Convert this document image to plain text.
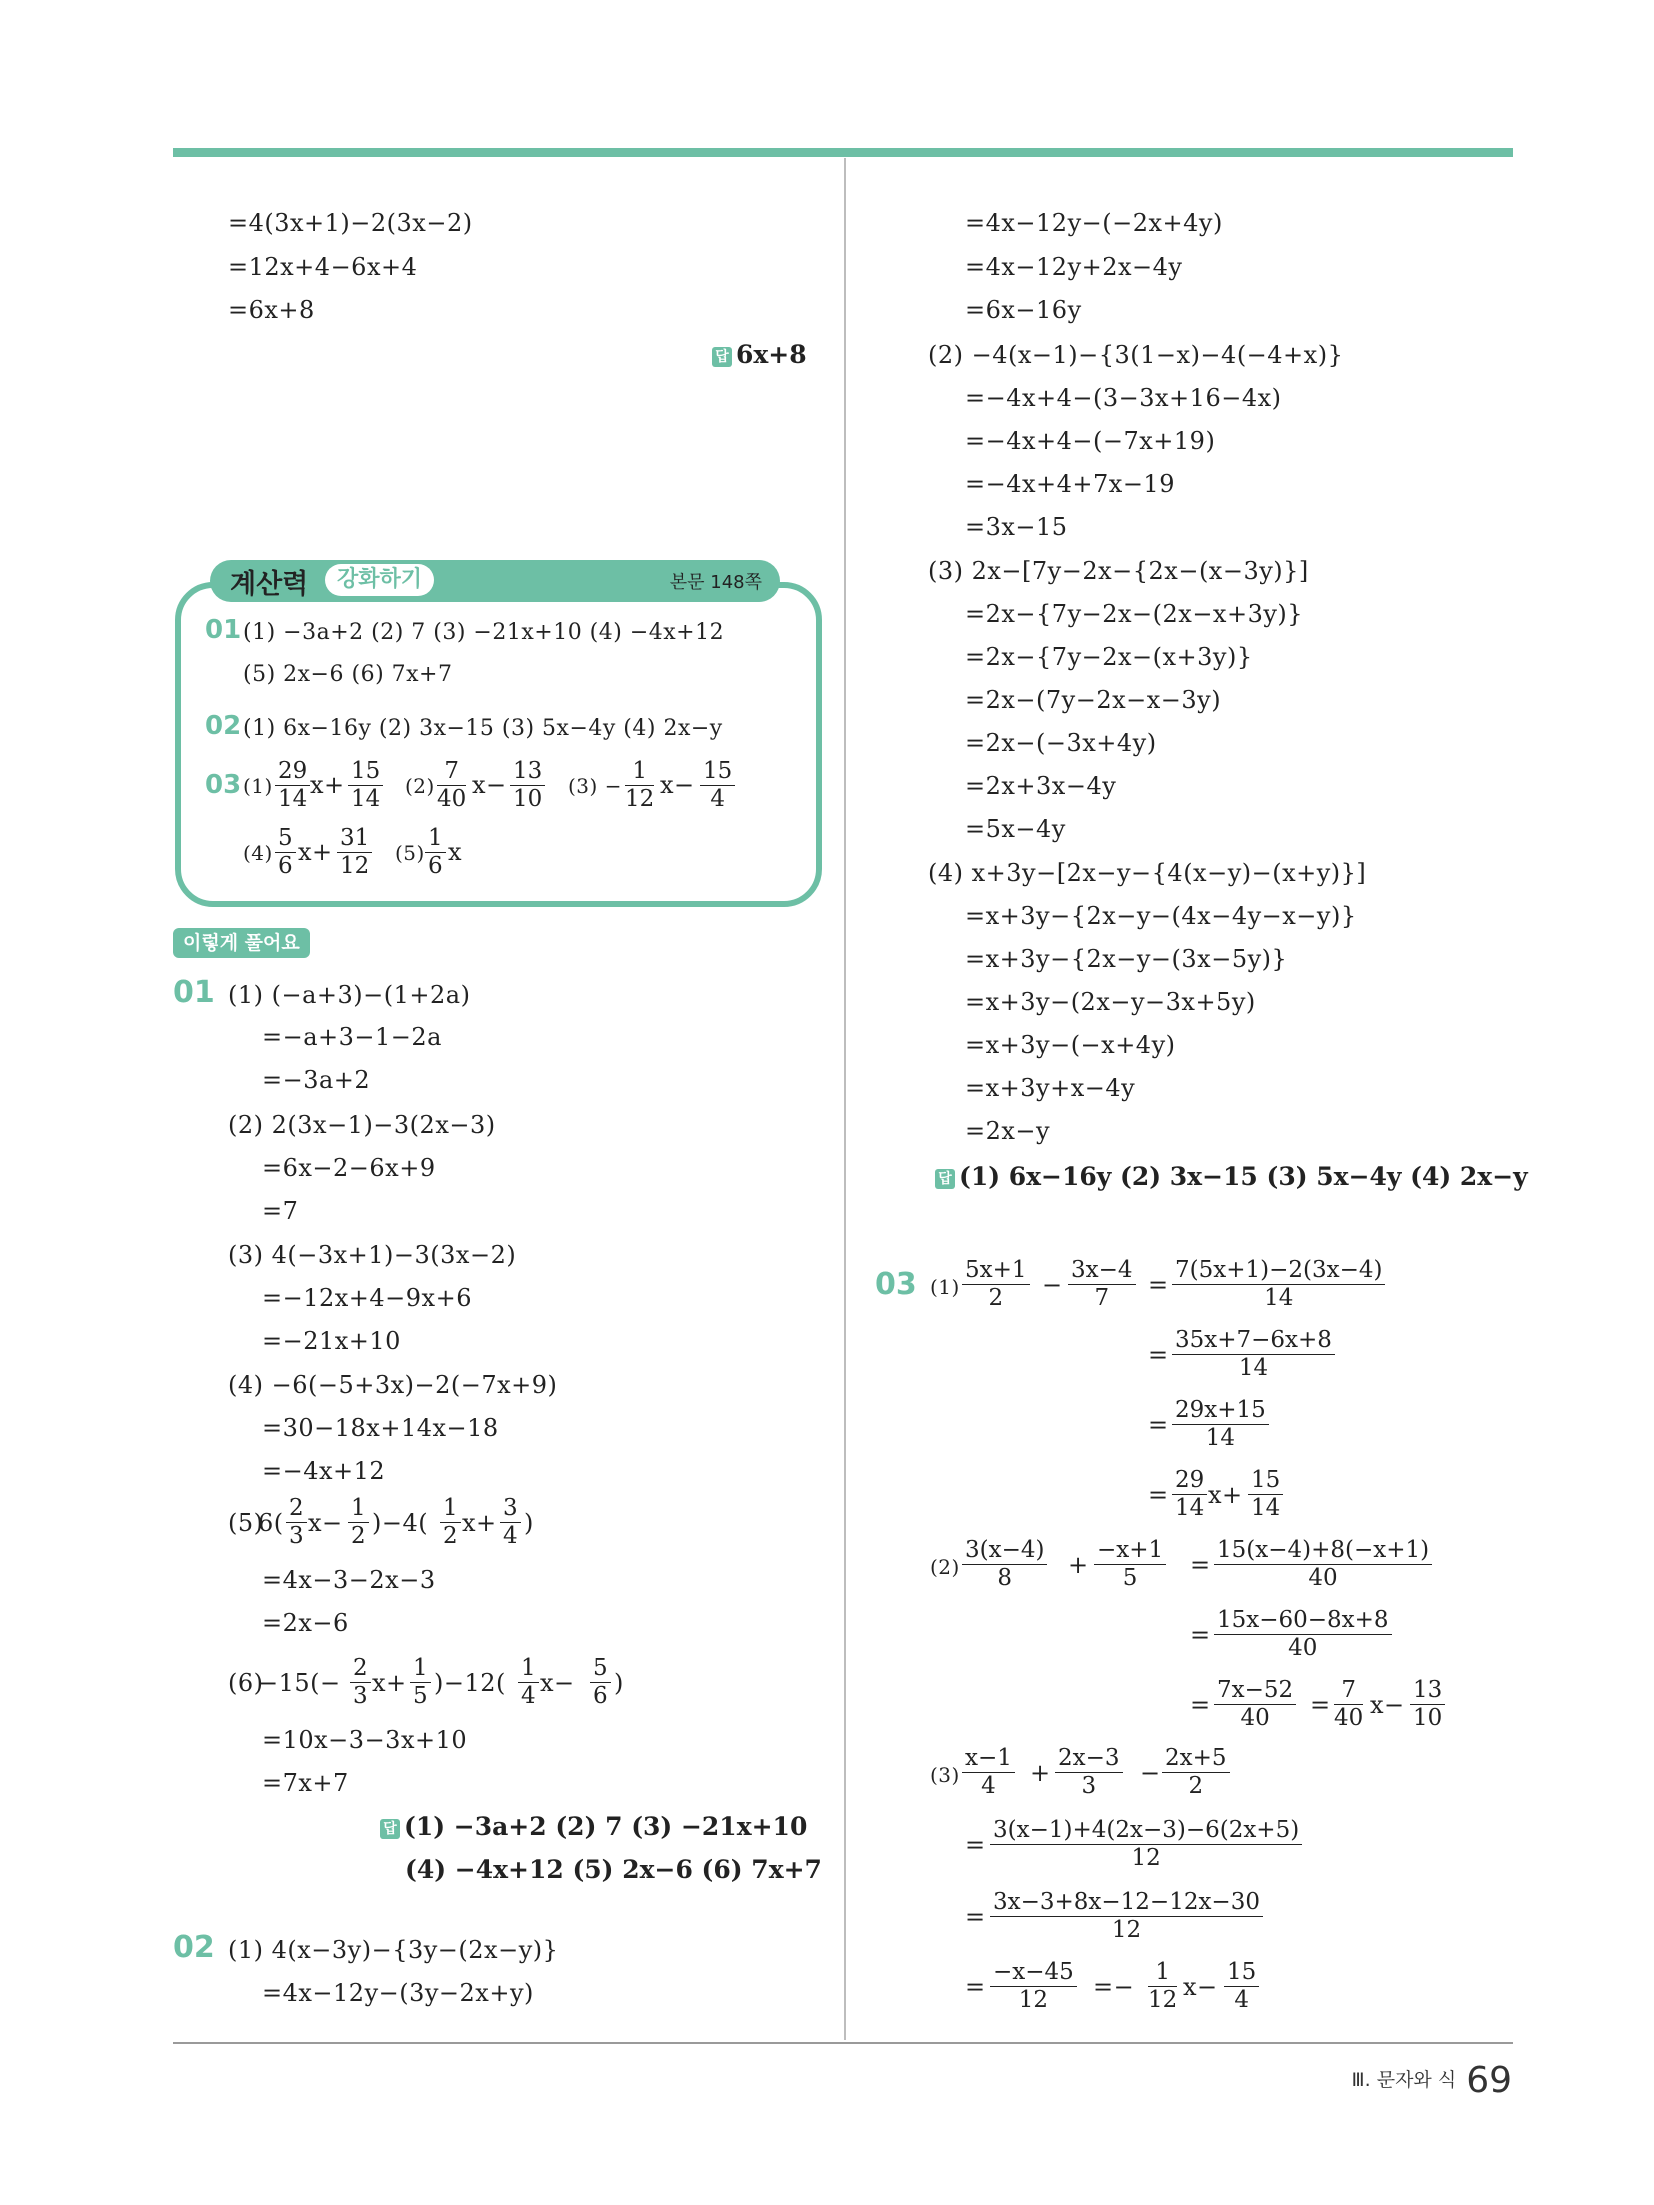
=4(3x+1)−2(3x−2)
=12x+4−6x+4
=6x+8
답 6x+8
계산력	강화하기	본문 148쪽
01 (1) −3a+2 (2) 7 (3) −21x+10 (4) −4x+12
(5) 2x−6 (6) 7x+7
02 (1) 6x−16y (2) 3x−15 (3) 5x−4y (4) 2x−y
03 $(1) \frac{29}{14} x+ \frac{15}{14} (2) \frac{7}{40} x- \frac{13}{10} (3) - \frac{1}{12} x- \frac{15}{4}$
$(4) \frac{5}{6} x+ \frac{31}{12} (5) \frac{1}{6}$ x
이렇게 풀어요
01 (1) (−a+3)−(1+2a)
=−a+3−1−2a
=−3a+2
(2) 2(3x−1)−3(2x−3)
=6x−2−6x+9
=7
(3) 4(−3x+1)−3(3x−2)
=−12x+4−9x+6
=−21x+10
(4) −6(−5+3x)−2(−7x+9)
=30−18x+14x−18
=−4x+12
(5)
$6( \frac{2}{3} x- \frac{1}{2} )-4( \frac{1}{2} x+ \frac{3}{4}$ )
=4x−3−2x−3
=2x−6
(6)
$-15(- \frac{2}{3} x+ \frac{1}{5} )-12( \frac{1}{4} x- \frac{5}{6}$ )
=10x−3−3x+10
=7x+7
답 (1) −3a+2 (2) 7 (3) −21x+10
(4) −4x+12 (5) 2x−6 (6) 7x+7
02 (1) 4(x−3y)−{3y−(2x−y)}
=4x−12y−(3y−2x+y)
=4x−12y−(−2x+4y)
=4x−12y+2x−4y
=6x−16y
(2) −4(x−1)−{3(1−x)−4(−4+x)}
=−4x+4−(3−3x+16−4x)
=−4x+4−(−7x+19)
=−4x+4+7x−19
=3x−15
(3) 2x−[7y−2x−{2x−(x−3y)}]
=2x−{7y−2x−(2x−x+3y)}
=2x−{7y−2x−(x+3y)}
=2x−(7y−2x−x−3y)
=2x−(−3x+4y)
=2x+3x−4y
=5x−4y
(4) x+3y−[2x−y−{4(x−y)−(x+y)}]
=x+3y−{2x−y−(4x−4y−x−y)}
=x+3y−{2x−y−(3x−5y)}
=x+3y−(2x−y−3x+5y)
=x+3y−(−x+4y)
=x+3y+x−4y
=2x−y
답 (1) 6x−16y (2) 3x−15 (3) 5x−4y (4) 2x−y
03 $(1) \frac{5x+1}{2} - \frac{3x-4}{7} = \frac{7(5x+1)-2(3x-4)}{14}$
= $\frac{35x+7-6x+8}{14}$
= $\frac{29x+15}{14}$
= $\frac{29}{14} x+ \frac{15}{14}$
$(2) \frac{3(x-4)}{8} + \frac{-x+1}{5} = \frac{15(x-4)+8(-x+1)}{40}$
= $\frac{15x-60-8x+8}{40}$
= $\frac{7x-52}{40} = \frac{7}{40} x- \frac{13}{10}$
$(3) \frac{x-1}{4} + \frac{2x-3}{3} - \frac{2x+5}{2}$
= $\frac{3(x-1)+4(2x-3)-6(2x+5)}{12}$
= $\frac{3x-3+8x-12-12x-30}{12}$
= $\frac{-x-45}{12} =- \frac{1}{12} x- \frac{15}{4}$
Ⅲ. 문자와 식 69
